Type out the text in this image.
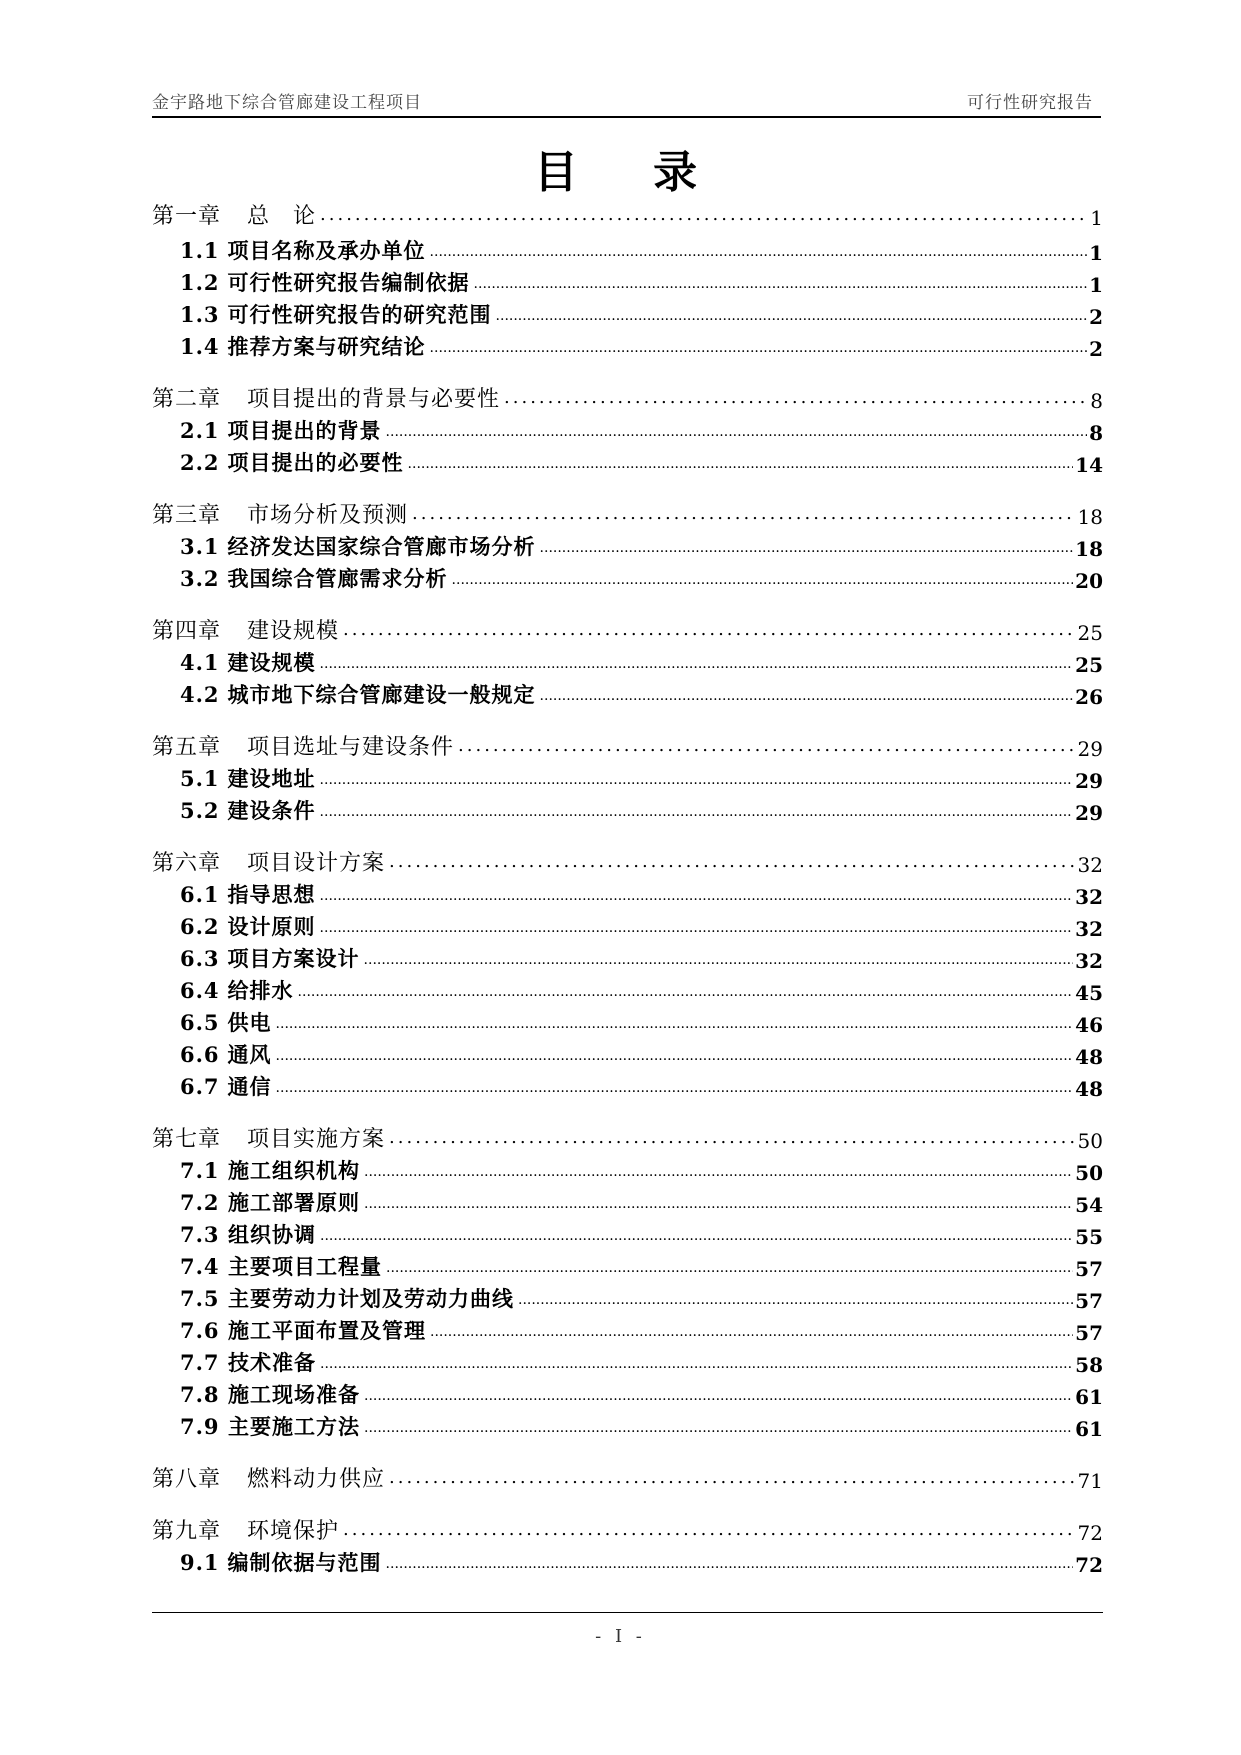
金宇路地下综合管廊建设工程项目	可行性研究报告
目 录
第一章 总　论 .....	1
1.1 项目名称及承办单位 .....	1
1.2 可行性研究报告编制依据 .....	1
1.3 可行性研究报告的研究范围 .....	2
1.4 推荐方案与研究结论 .....	2
第二章 项目提出的背景与必要性 .....	8
2.1 项目提出的背景 .....	8
2.2 项目提出的必要性 .....	14
第三章 市场分析及预测 .....	18
3.1 经济发达国家综合管廊市场分析 .....	18
3.2 我国综合管廊需求分析 .....	20
第四章 建设规模 .....	25
4.1 建设规模 .....	25
4.2 城市地下综合管廊建设一般规定 .....	26
第五章 项目选址与建设条件 .....	29
5.1 建设地址 .....	29
5.2 建设条件 .....	29
第六章 项目设计方案 .....	32
6.1 指导思想 .....	32
6.2 设计原则 .....	32
6.3 项目方案设计 .....	32
6.4 给排水 .....	45
6.5 供电 .....	46
6.6 通风 .....	48
6.7 通信 .....	48
第七章 项目实施方案 .....	50
7.1 施工组织机构 .....	50
7.2 施工部署原则 .....	54
7.3 组织协调 .....	55
7.4 主要项目工程量 .....	57
7.5 主要劳动力计划及劳动力曲线 .....	57
7.6 施工平面布置及管理 .....	57
7.7 技术准备 .....	58
7.8 施工现场准备 .....	61
7.9 主要施工方法 .....	61
第八章 燃料动力供应 .....	71
第九章 环境保护 .....	72
9.1 编制依据与范围 .....	72
- I -
